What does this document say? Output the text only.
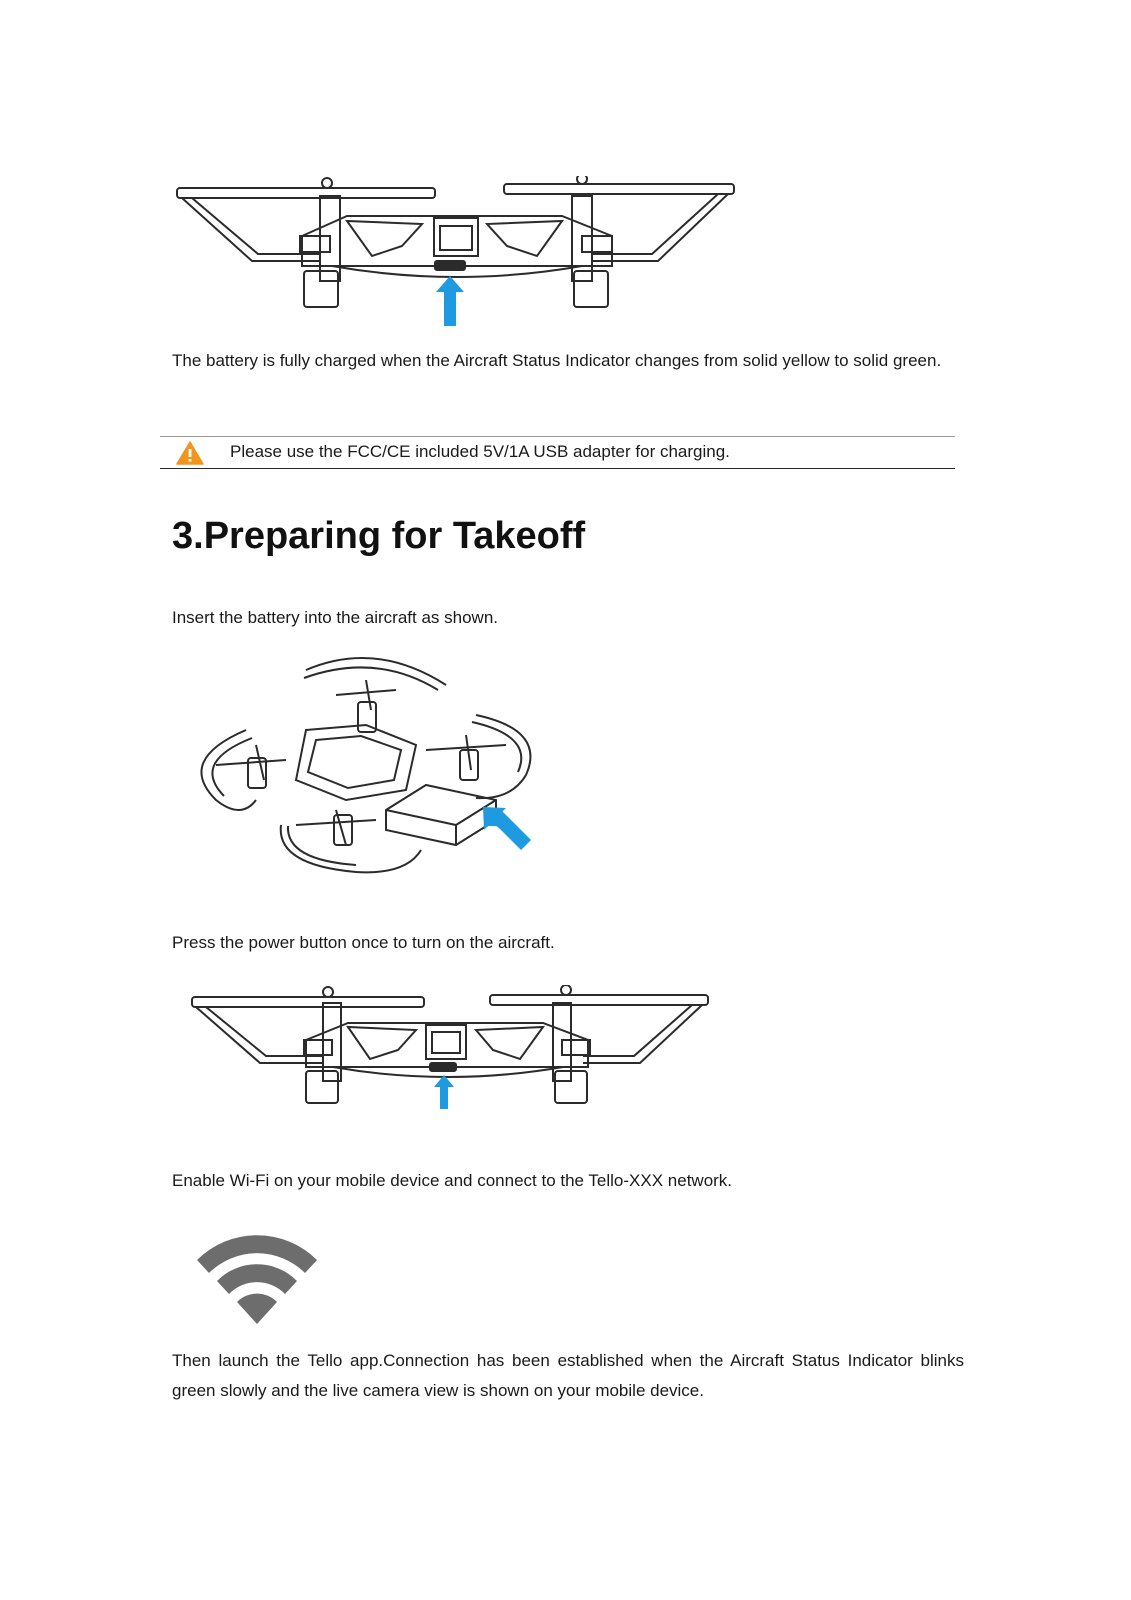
The battery is fully charged when the Aircraft Status Indicator changes from solid yellow to solid green.

Please use the FCC/CE included 5V/1A USB adapter for charging.
3.Preparing for Takeoff

Insert the battery into the aircraft as shown.

Press the power button once to turn on the aircraft.

Enable Wi-Fi on your mobile device and connect to the Tello-XXX network.

Then launch the Tello app.Connection has been established when the Aircraft Status Indicator blinks green slowly and the live camera view is shown on your mobile device.
